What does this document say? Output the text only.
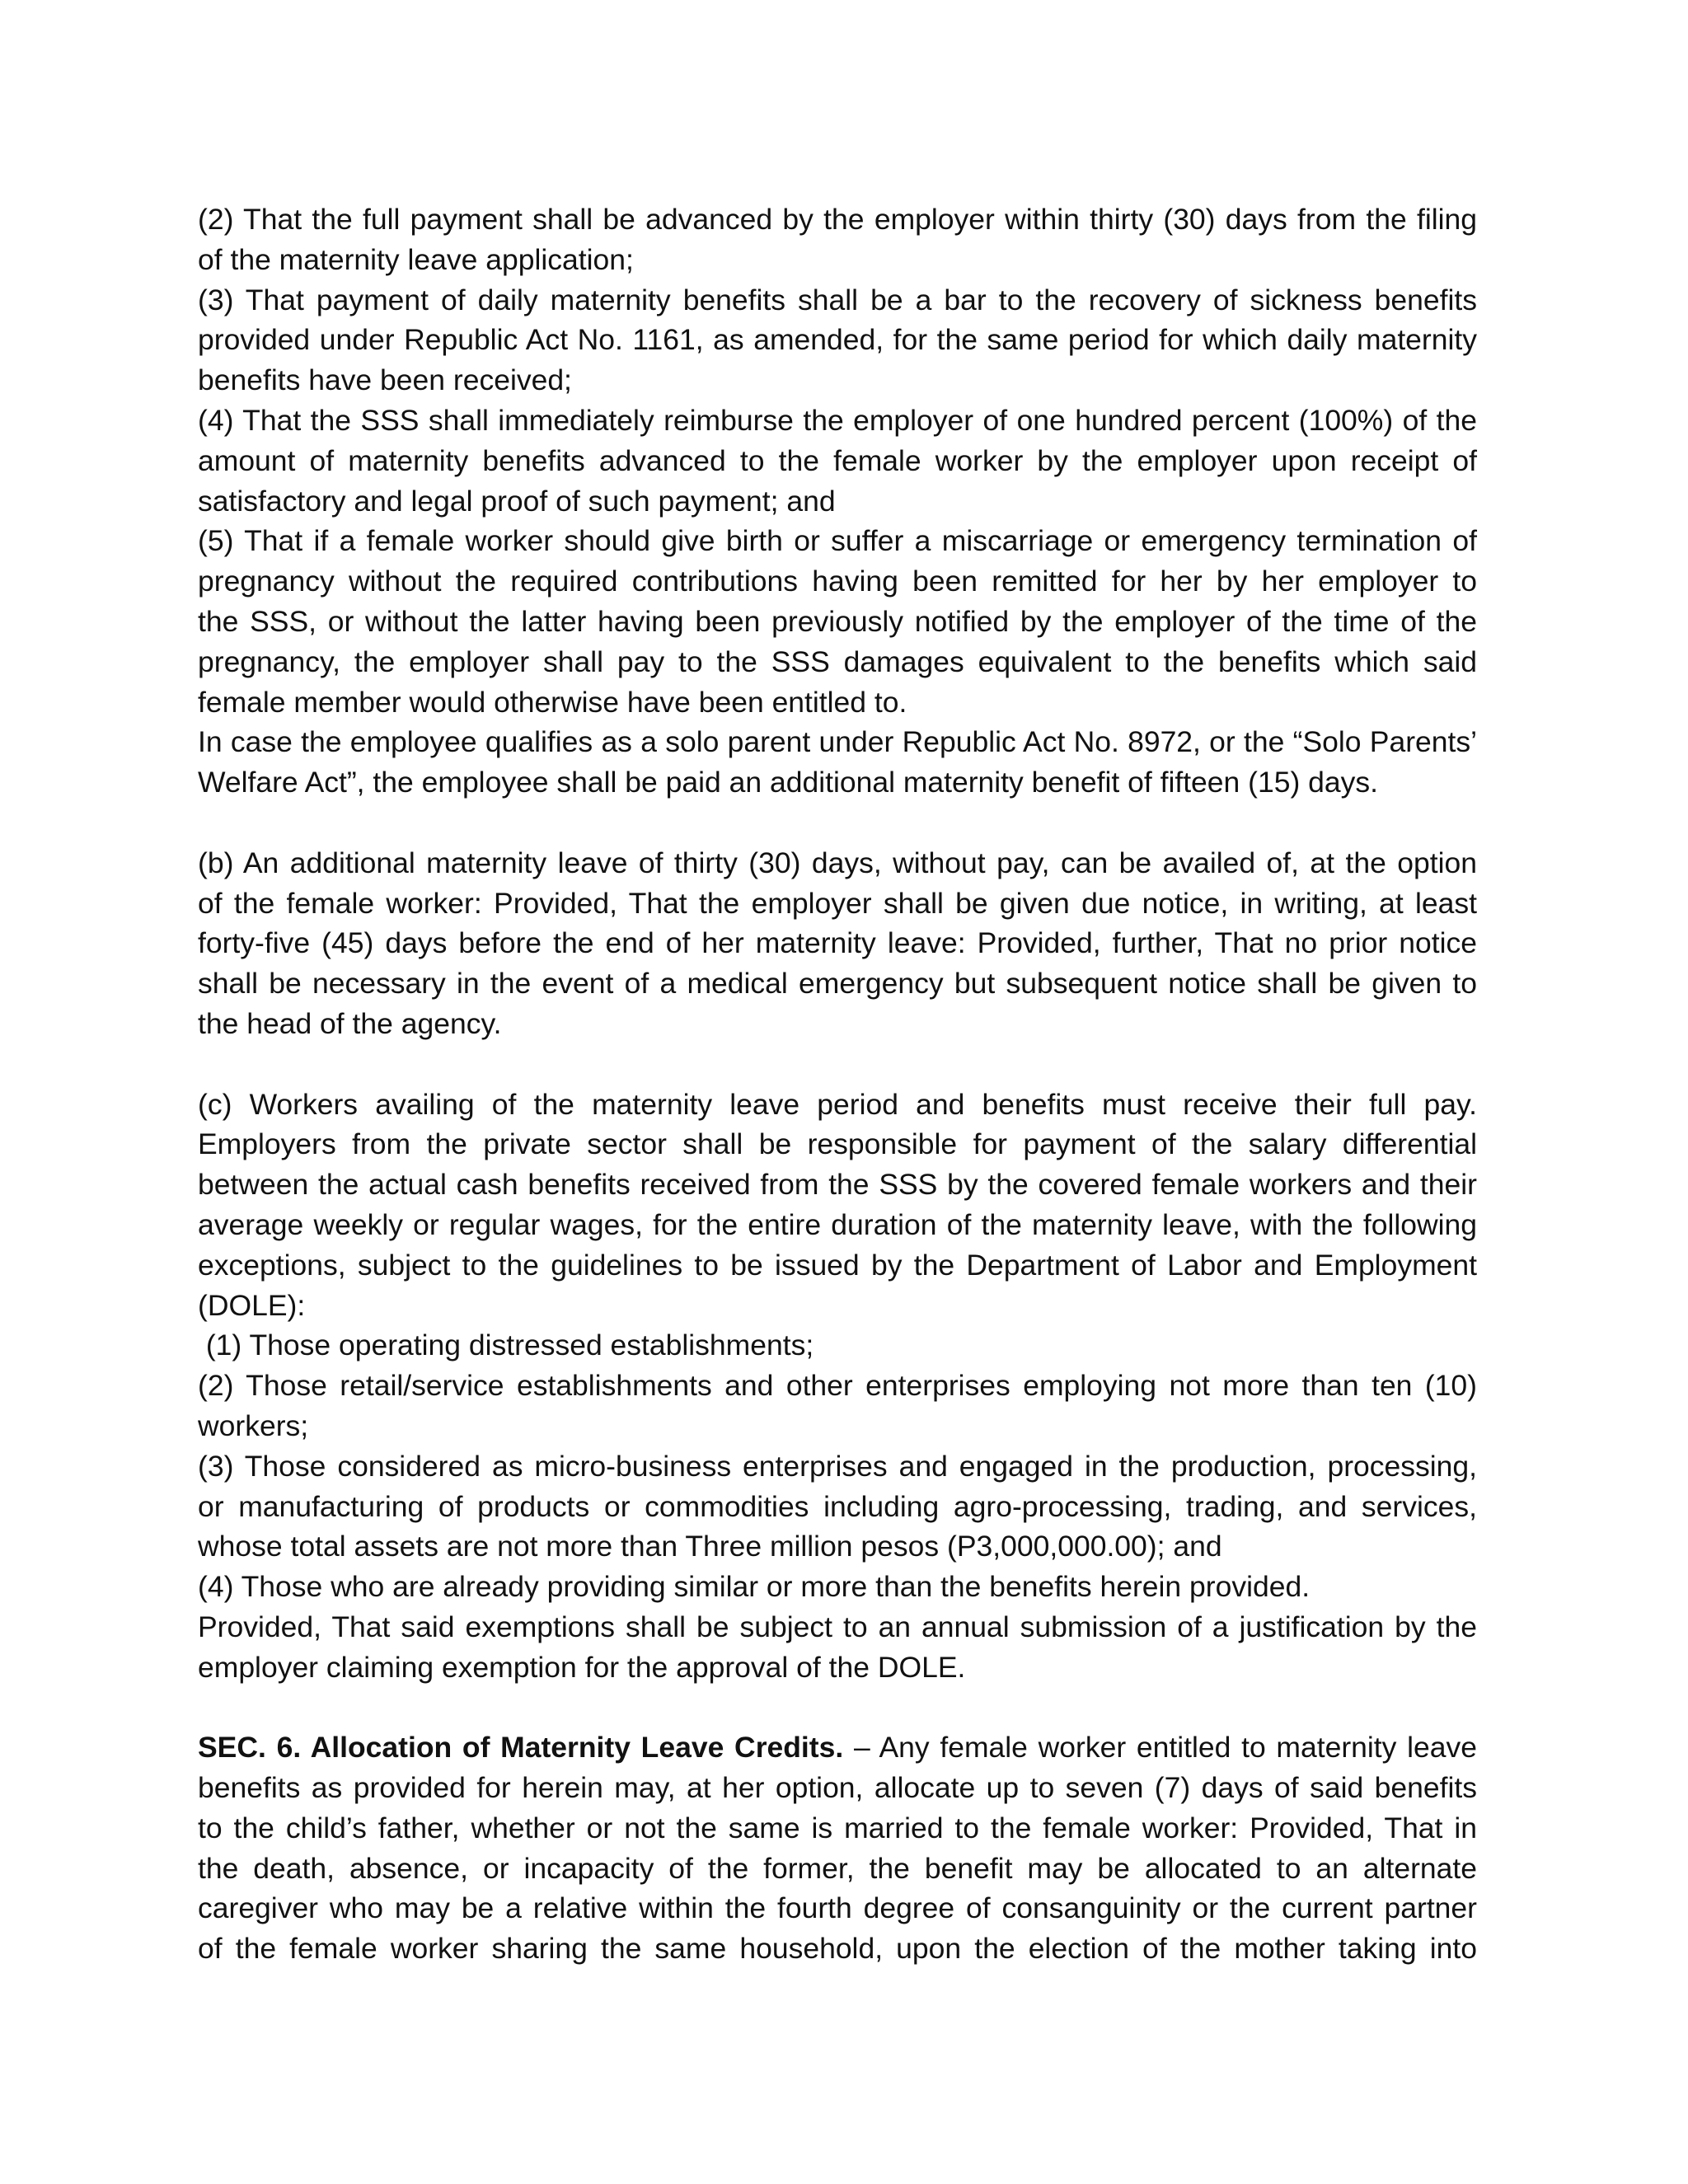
(2) That the full payment shall be advanced by the employer within thirty (30) days from the filing
of the maternity leave application;
(3) That payment of daily maternity benefits shall be a bar to the recovery of sickness benefits
provided under Republic Act No. 1161, as amended, for the same period for which daily maternity
benefits have been received;
(4) That the SSS shall immediately reimburse the employer of one hundred percent (100%) of the
amount of maternity benefits advanced to the female worker by the employer upon receipt of
satisfactory and legal proof of such payment; and
(5) That if a female worker should give birth or suffer a miscarriage or emergency termination of
pregnancy without the required contributions having been remitted for her by her employer to
the SSS, or without the latter having been previously notified by the employer of the time of the
pregnancy, the employer shall pay to the SSS damages equivalent to the benefits which said
female member would otherwise have been entitled to.
In case the employee qualifies as a solo parent under Republic Act No. 8972, or the “Solo Parents’
Welfare Act”, the employee shall be paid an additional maternity benefit of fifteen (15) days.
(b) An additional maternity leave of thirty (30) days, without pay, can be availed of, at the option
of the female worker: Provided, That the employer shall be given due notice, in writing, at least
forty-five (45) days before the end of her maternity leave: Provided, further, That no prior notice
shall be necessary in the event of a medical emergency but subsequent notice shall be given to
the head of the agency.
(c) Workers availing of the maternity leave period and benefits must receive their full pay.
Employers from the private sector shall be responsible for payment of the salary differential
between the actual cash benefits received from the SSS by the covered female workers and their
average weekly or regular wages, for the entire duration of the maternity leave, with the following
exceptions, subject to the guidelines to be issued by the Department of Labor and Employment
(DOLE):
(1) Those operating distressed establishments;
(2) Those retail/service establishments and other enterprises employing not more than ten (10)
workers;
(3) Those considered as micro-business enterprises and engaged in the production, processing,
or manufacturing of products or commodities including agro-processing, trading, and services,
whose total assets are not more than Three million pesos (P3,000,000.00); and
(4) Those who are already providing similar or more than the benefits herein provided.
Provided, That said exemptions shall be subject to an annual submission of a justification by the
employer claiming exemption for the approval of the DOLE.
SEC. 6. Allocation of Maternity Leave Credits. – Any female worker entitled to maternity leave
benefits as provided for herein may, at her option, allocate up to seven (7) days of said benefits
to the child’s father, whether or not the same is married to the female worker: Provided, That in
the death, absence, or incapacity of the former, the benefit may be allocated to an alternate
caregiver who may be a relative within the fourth degree of consanguinity or the current partner
of the female worker sharing the same household, upon the election of the mother taking into
